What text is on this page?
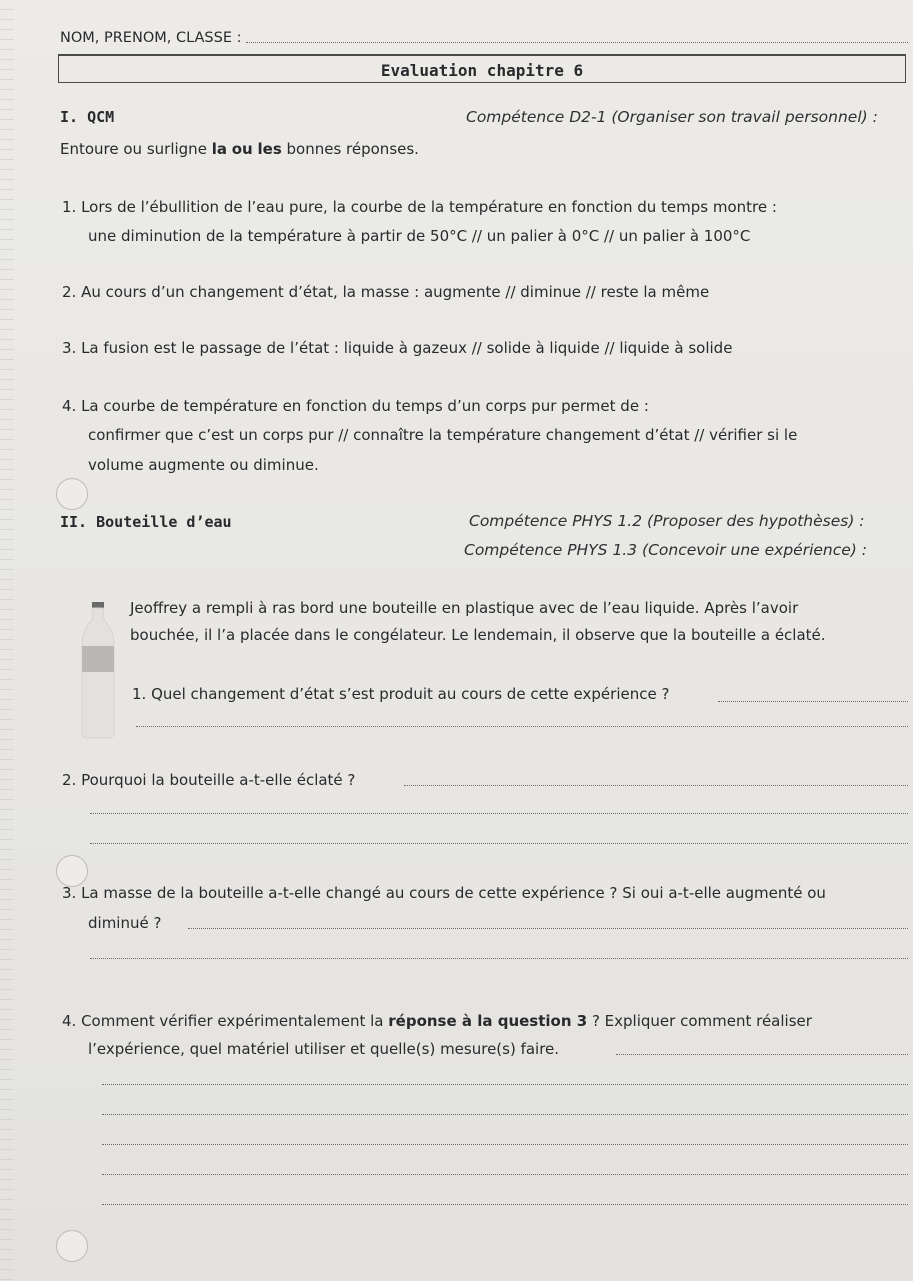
NOM, PRENOM, CLASSE :
Evaluation chapitre 6
I. QCM	Compétence D2-1 (Organiser son travail personnel) :
Entoure ou surligne la ou les bonnes réponses.
1. Lors de l’ébullition de l’eau pure, la courbe de la température en fonction du temps montre :
une diminution de la température à partir de 50°C // un palier à 0°C // un palier à 100°C
2. Au cours d’un changement d’état, la masse : augmente // diminue // reste la même
3. La fusion est le passage de l’état : liquide à gazeux // solide à liquide // liquide à solide
4. La courbe de température en fonction du temps d’un corps pur permet de :
confirmer que c’est un corps pur // connaître la température changement d’état // vérifier si le
volume augmente ou diminue.
II. Bouteille d’eau	Compétence PHYS 1.2 (Proposer des hypothèses) :
Compétence PHYS 1.3 (Concevoir une expérience) :
Jeoffrey a rempli à ras bord une bouteille en plastique avec de l’eau liquide. Après l’avoir
bouchée, il l’a placée dans le congélateur. Le lendemain, il observe que la bouteille a éclaté.
1. Quel changement d’état s’est produit au cours de cette expérience ?
2. Pourquoi la bouteille a-t-elle éclaté ?
3. La masse de la bouteille a-t-elle changé au cours de cette expérience ? Si oui a-t-elle augmenté ou
diminué ?
4. Comment vérifier expérimentalement la réponse à la question 3 ? Expliquer comment réaliser
l’expérience, quel matériel utiliser et quelle(s) mesure(s) faire.
